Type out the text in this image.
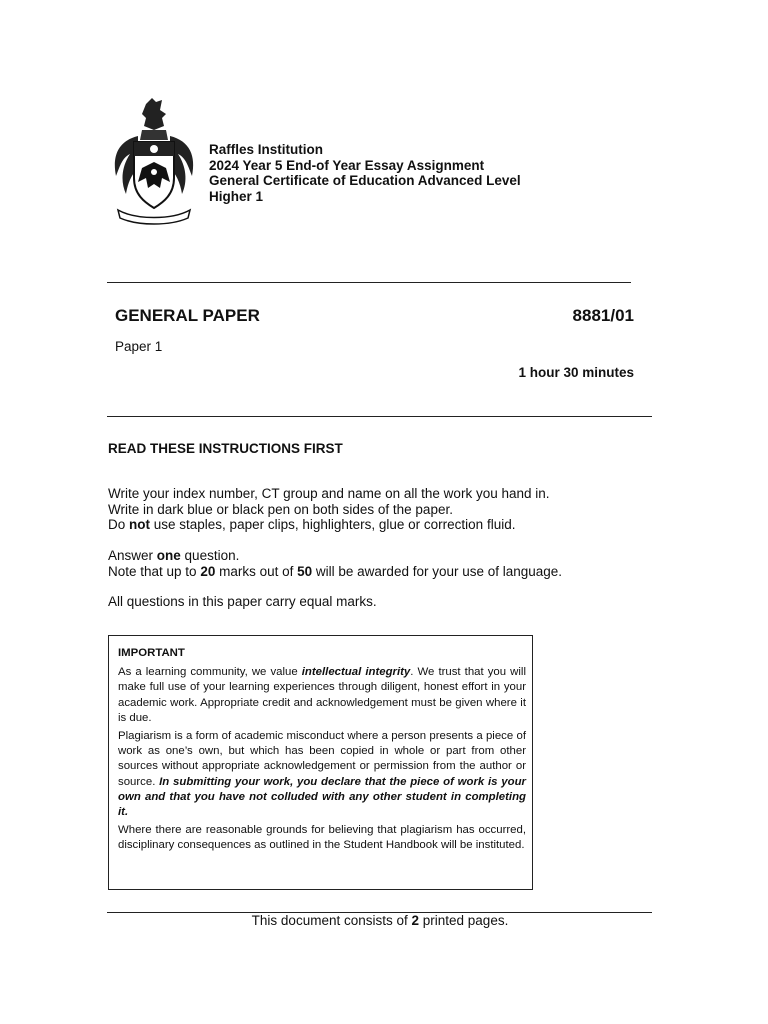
Raffles Institution
2024 Year 5 End-of Year Essay Assignment
General Certificate of Education Advanced Level
Higher 1
GENERAL PAPER	8881/01
Paper 1
1 hour 30 minutes
READ THESE INSTRUCTIONS FIRST
Write your index number, CT group and name on all the work you hand in.
Write in dark blue or black pen on both sides of the paper.
Do not use staples, paper clips, highlighters, glue or correction fluid.
Answer one question.
Note that up to 20 marks out of 50 will be awarded for your use of language.
All questions in this paper carry equal marks.
IMPORTANT

As a learning community, we value intellectual integrity. We trust that you will make full use of your learning experiences through diligent, honest effort in your academic work. Appropriate credit and acknowledgement must be given where it is due.

Plagiarism is a form of academic misconduct where a person presents a piece of work as one’s own, but which has been copied in whole or part from other sources without appropriate acknowledgement or permission from the author or source. In submitting your work, you declare that the piece of work is your own and that you have not colluded with any other student in completing it.

Where there are reasonable grounds for believing that plagiarism has occurred, disciplinary consequences as outlined in the Student Handbook will be instituted.

This document consists of 2 printed pages.
